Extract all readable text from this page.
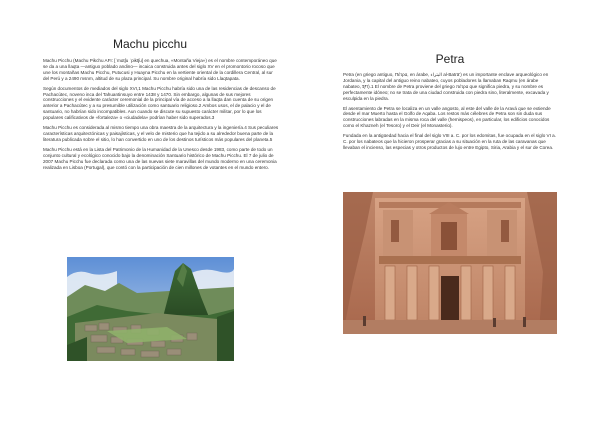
Machu picchu

Machu Picchu (Machu Pikchu AFI: [ˈmɑtʃu ˈpiktʃu] en quechua, «Montaña Vieja») es el nombre contemporáneo que se da a una llaqta —antiguo poblado andino— incaica construida antes del siglo XV en el promontorio rocoso que une los montañas Machu Picchu, Putucusi y Huayna Picchu en la vertiente oriental de la cordillera Central, al sur del Perú y a 2490 msnm, altitud de su plaza principal. Su nombre original habría sido Llaqtapata.

Según documentos de mediados del siglo XVI,1 Machu Picchu habría sido una de las residencias de descanso de Pachacútec, noveno inca del Tahuantinsuyo entre 1438 y 1470. Sin embargo, algunas de sus mejores construcciones y el evidente carácter ceremonial de la principal vía de acceso a la llaqta dan cuenta de su origen anterior a Pachacútec y a su presumible utilización como santuario religioso.2 Ambos usos, el de palacio y el de santuario, no habrían sido incompatibles. Aun cuando se discute su supuesto carácter militar, por lo que los populares calificativos de «fortaleza» o «ciudadela» podrían haber sido superados.3

Machu Picchu es considerada al mismo tiempo una obra maestra de la arquitectura y la ingeniería.4 Sus peculiares características arquitectónicas y paisajísticas, y el velo de misterio que ha tejido a su alrededor buena parte de la literatura publicada sobre el sitio, lo han convertido en uno de los destinos turísticos más populares del planeta.5

Machu Picchu está en la Lista del Patrimonio de la Humanidad de la Unesco desde 1983, como parte de todo un conjunto cultural y ecológico conocido bajo la denominación Santuario histórico de Machu Picchu. El 7 de julio de 2007 Machu Picchu fue declarada como una de las nuevas siete maravillas del mundo moderno en una ceremonia realizada en Lisboa (Portugal), que contó con la participación de cien millones de votantes en el mundo entero.

Petra

Petra (en griego antiguo, Πέτρα, en árabe, البتراء al-Batrā') es un importante enclave arqueológico en Jordania, y la capital del antiguo reino nabateo, cuyos pobladores la llamaban Raqmu (en árabe nabateo, 𐢛𐢚𐢓).1 El nombre de Petra proviene del griego πέτρα que significa piedra, y su nombre es perfectamente idóneo; no se trata de una ciudad construida con piedra sino, literalmente, excavada y esculpida en la piedra.

El asentamiento de Petra se localiza en un valle angosto, al este del valle de la Aravá que se extiende desde el mar Muerto hasta el Golfo de Aqaba. Los restos más célebres de Petra son sin duda sus construcciones labradas en la misma roca del valle (hemispeos), en particular, los edificios conocidos como el Khazneh (el Tesoro) y el Deir (el Monasterio).

Fundada en la antigüedad hacia el final del siglo VIII a. C. por los edomitas, fue ocupada en el siglo VI a. C. por los nabateos que la hicieron prosperar gracias a su situación en la ruta de las caravanas que llevaban el incienso, las especias y otros productos de lujo entre Egipto, Siria, Arabia y el sur de Corea.
